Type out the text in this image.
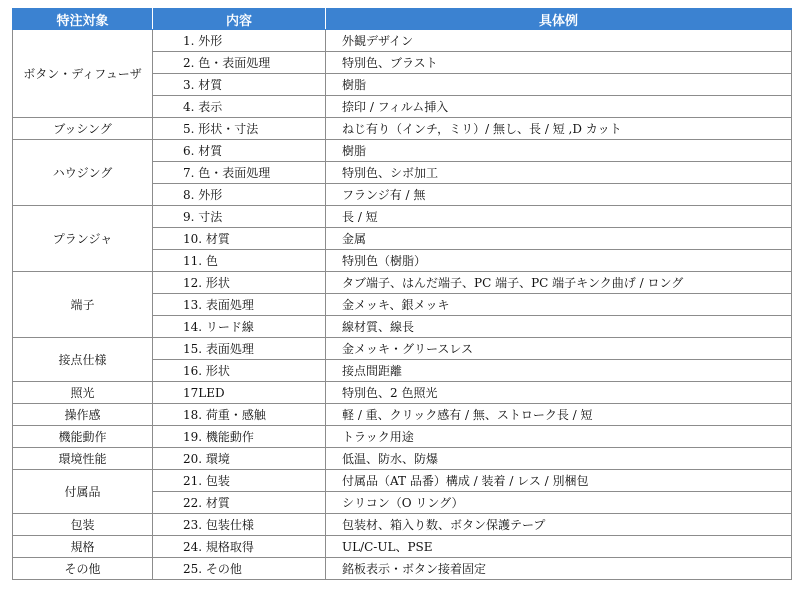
特注対象	内容	具体例
ボタン・ディフューザ	1. 外形	外観デザイン
	2. 色・表面処理	特別色、ブラスト
	3. 材質	樹脂
	4. 表示	捺印 / フィルム挿入
ブッシング	5. 形状・寸法	ねじ有り（インチ，ミリ）/ 無し、長 / 短 ,D カット
ハウジング	6. 材質	樹脂
	7. 色・表面処理	特別色、シボ加工
	8. 外形	フランジ有 / 無
プランジャ	9. 寸法	長 / 短
	10. 材質	金属
	11. 色	特別色（樹脂）
端子	12. 形状	タブ端子、はんだ端子、PC 端子、PC 端子キンク曲げ / ロング
	13. 表面処理	金メッキ、銀メッキ
	14. リード線	線材質、線長
接点仕様	15. 表面処理	金メッキ・グリースレス
	16. 形状	接点間距離
照光	17LED	特別色、2 色照光
操作感	18. 荷重・感触	軽 / 重、クリック感有 / 無、ストローク長 / 短
機能動作	19. 機能動作	トラック用途
環境性能	20. 環境	低温、防水、防爆
付属品	21. 包装	付属品（AT 品番）構成 / 装着 / レス / 別梱包
	22. 材質	シリコン（O リング）
包装	23. 包装仕様	包装材、箱入り数、ボタン保護テープ
規格	24. 規格取得	UL/C-UL、PSE
その他	25. その他	銘板表示・ボタン接着固定
